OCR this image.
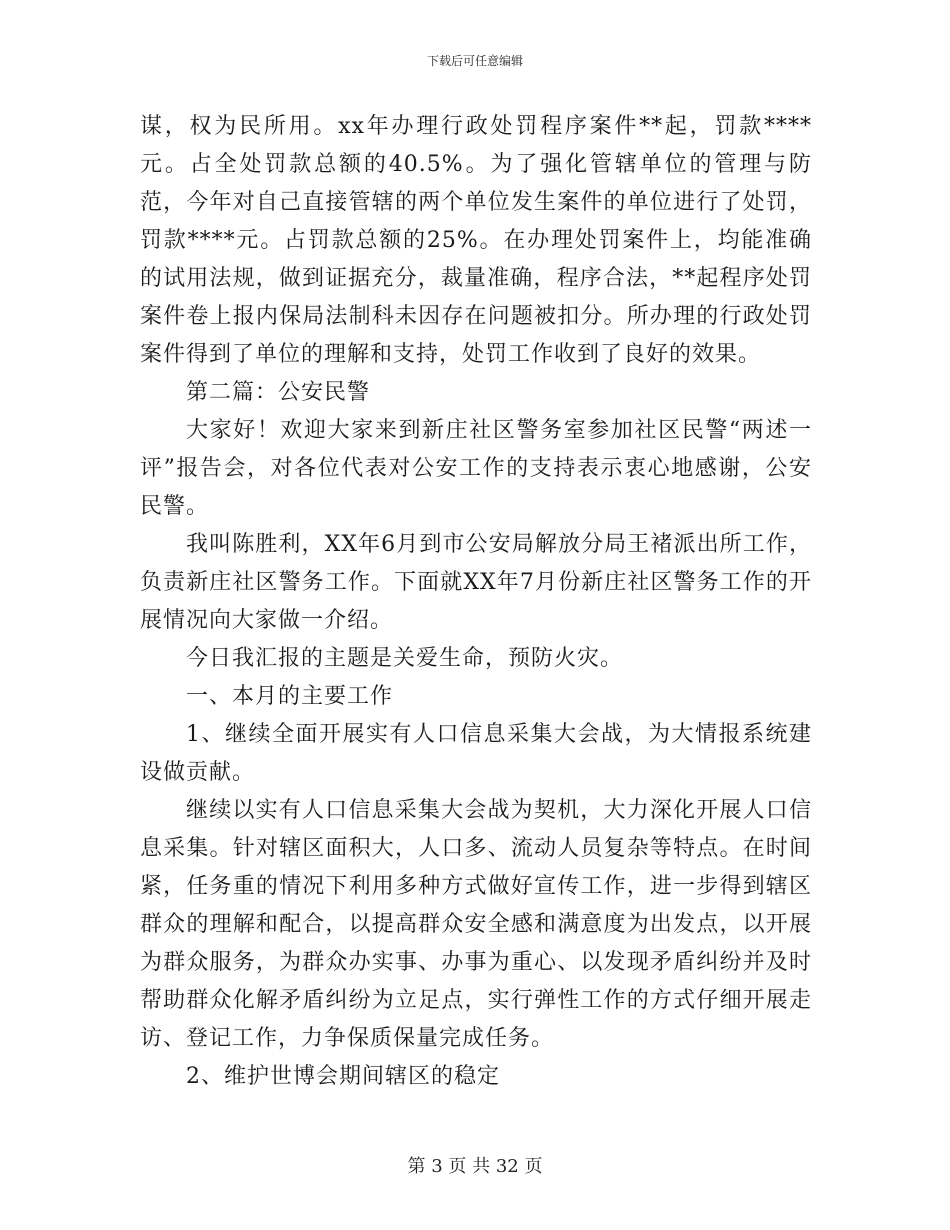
下载后可任意编辑

谋，权为民所用。xx年办理行政处罚程序案件**起，罚款****元。占全处罚款总额的40.5%。为了强化管辖单位的管理与防范，今年对自己直接管辖的两个单位发生案件的单位进行了处罚，罚款****元。占罚款总额的25%。在办理处罚案件上，均能准确的试用法规，做到证据充分，裁量准确，程序合法，**起程序处罚案件卷上报内保局法制科未因存在问题被扣分。所办理的行政处罚案件得到了单位的理解和支持，处罚工作收到了良好的效果。

第二篇：公安民警

大家好！欢迎大家来到新庄社区警务室参加社区民警“两述一评”报告会，对各位代表对公安工作的支持表示衷心地感谢，公安民警。

我叫陈胜利，XX年6月到市公安局解放分局王褚派出所工作，负责新庄社区警务工作。下面就XX年7月份新庄社区警务工作的开展情况向大家做一介绍。

今日我汇报的主题是关爱生命，预防火灾。

一、本月的主要工作

1、继续全面开展实有人口信息采集大会战，为大情报系统建设做贡献。

继续以实有人口信息采集大会战为契机，大力深化开展人口信息采集。针对辖区面积大，人口多、流动人员复杂等特点。在时间紧，任务重的情况下利用多种方式做好宣传工作，进一步得到辖区群众的理解和配合，以提高群众安全感和满意度为出发点，以开展为群众服务，为群众办实事、办事为重心、以发现矛盾纠纷并及时帮助群众化解矛盾纠纷为立足点，实行弹性工作的方式仔细开展走访、登记工作，力争保质保量完成任务。

2、维护世博会期间辖区的稳定

第 3 页 共 32 页
